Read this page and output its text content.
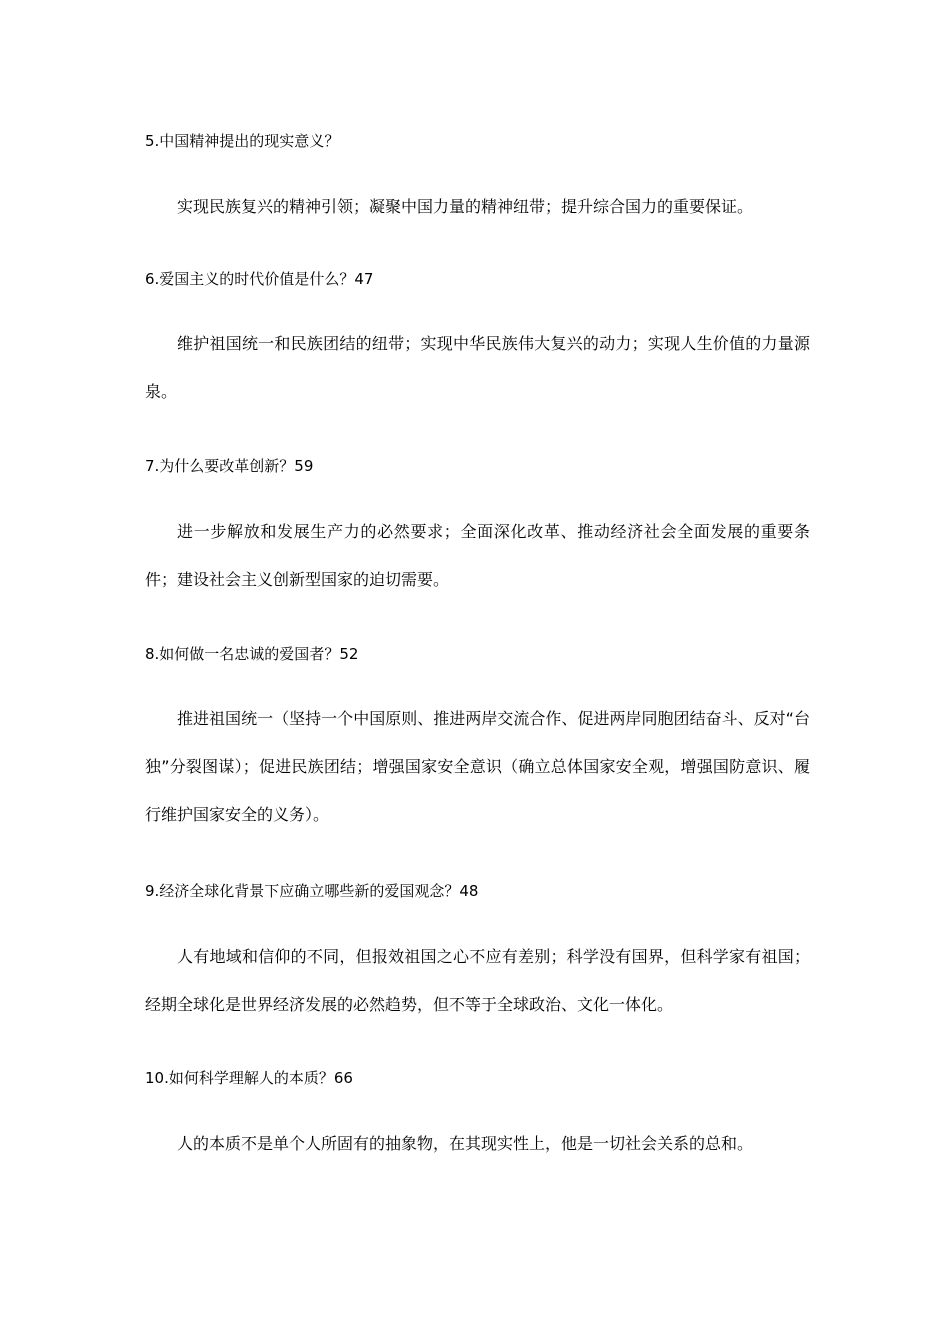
5.中国精神提出的现实意义？
实现民族复兴的精神引领；凝聚中国力量的精神纽带；提升综合国力的重要保证。
6.爱国主义的时代价值是什么？47
维护祖国统一和民族团结的纽带；实现中华民族伟大复兴的动力；实现人生价值的力量源泉。
7.为什么要改革创新？59
进一步解放和发展生产力的必然要求；全面深化改革、推动经济社会全面发展的重要条件；建设社会主义创新型国家的迫切需要。
8.如何做一名忠诚的爱国者？52
推进祖国统一（坚持一个中国原则、推进两岸交流合作、促进两岸同胞团结奋斗、反对“台独”分裂图谋）；促进民族团结；增强国家安全意识（确立总体国家安全观，增强国防意识、履行维护国家安全的义务）。
9.经济全球化背景下应确立哪些新的爱国观念？48
人有地域和信仰的不同，但报效祖国之心不应有差别；科学没有国界，但科学家有祖国；经期全球化是世界经济发展的必然趋势，但不等于全球政治、文化一体化。
10.如何科学理解人的本质？66
人的本质不是单个人所固有的抽象物，在其现实性上，他是一切社会关系的总和。
